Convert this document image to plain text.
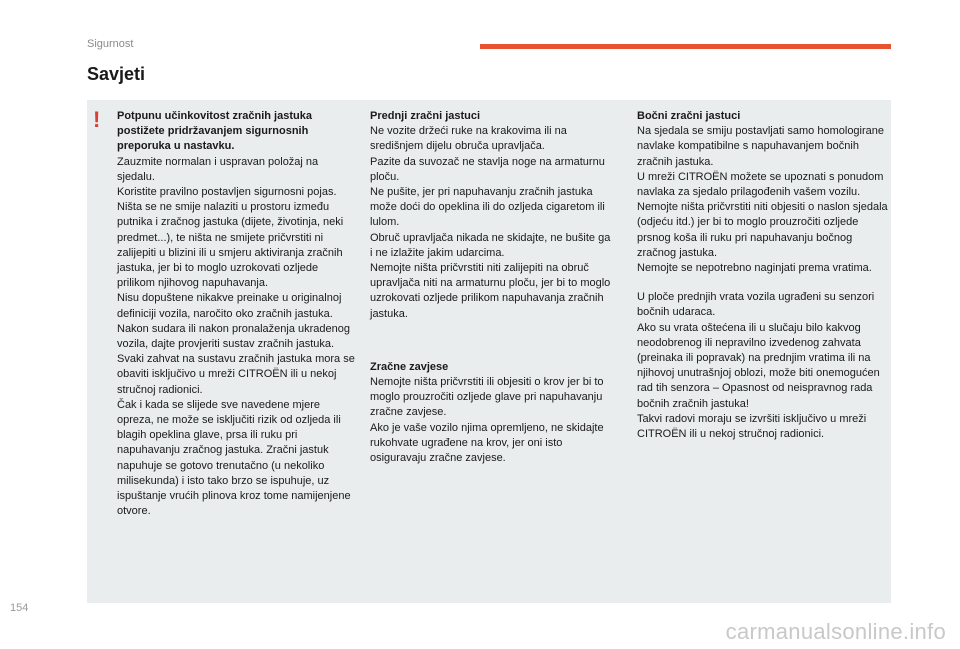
Sigurnost
Savjeti
! Potpunu učinkovitost zračnih jastuka postižete pridržavanjem sigurnosnih preporuka u nastavku.

Zauzmite normalan i uspravan položaj na sjedalu.
Koristite pravilno postavljen sigurnosni pojas.
Ništa se ne smije nalaziti u prostoru između putnika i zračnog jastuka (dijete, životinja, neki predmet...), te ništa ne smijete pričvrstiti ni zalijepiti u blizini ili u smjeru aktiviranja zračnih jastuka, jer bi to moglo uzrokovati ozljede prilikom njihovog napuhavanja.
Nisu dopuštene nikakve preinake u originalnoj definiciji vozila, naročito oko zračnih jastuka.
Nakon sudara ili nakon pronalaženja ukradenog vozila, dajte provjeriti sustav zračnih jastuka.
Svaki zahvat na sustavu zračnih jastuka mora se obaviti isključivo u mreži CITROËN ili u nekoj stručnoj radionici.
Čak i kada se slijede sve navedene mjere opreza, ne može se isključiti rizik od ozljeda ili blagih opeklina glave, prsa ili ruku pri napuhavanju zračnog jastuka. Zračni jastuk napuhuje se gotovo trenutačno (u nekoliko milisekunda) i isto tako brzo se ispuhuje, uz ispuštanje vrućih plinova kroz tome namijenjene otvore.

Prednji zračni jastuci

Ne vozite držeći ruke na krakovima ili na središnjem dijelu obruča upravljača.
Pazite da suvozač ne stavlja noge na armaturnu ploču.
Ne pušite, jer pri napuhavanju zračnih jastuka može doći do opeklina ili do ozljeda cigaretom ili lulom.
Obruč upravljača nikada ne skidajte, ne bušite ga i ne izlažite jakim udarcima.
Nemojte ništa pričvrstiti niti zalijepiti na obruč upravljača niti na armaturnu ploču, jer bi to moglo uzrokovati ozljede prilikom napuhavanja zračnih jastuka.

Zračne zavjese

Nemojte ništa pričvrstiti ili objesiti o krov jer bi to moglo prouzročiti ozljede glave pri napuhavanju zračne zavjese.
Ako je vaše vozilo njima opremljeno, ne skidajte rukohvate ugrađene na krov, jer oni isto osiguravaju zračne zavjese.

Bočni zračni jastuci

Na sjedala se smiju postavljati samo homologirane navlake kompatibilne s napuhavanjem bočnih zračnih jastuka.
U mreži CITROËN možete se upoznati s ponudom navlaka za sjedalo prilagođenih vašem vozilu.
Nemojte ništa pričvrstiti niti objesiti o naslon sjedala (odjeću itd.) jer bi to moglo prouzročiti ozljede prsnog koša ili ruku pri napuhavanju bočnog zračnog jastuka.
Nemojte se nepotrebno naginjati prema vratima.

U ploče prednjih vrata vozila ugrađeni su senzori bočnih udaraca.
Ako su vrata oštećena ili u slučaju bilo kakvog neodobrenog ili nepravilno izvedenog zahvata (preinaka ili popravak) na prednjim vratima ili na njihovoj unutrašnjoj oblozi, može biti onemogućen rad tih senzora – Opasnost od neispravnog rada bočnih zračnih jastuka!
Takvi radovi moraju se izvršiti isključivo u mreži CITROËN ili u nekoj stručnoj radionici.

154
carmanualsonline.info
